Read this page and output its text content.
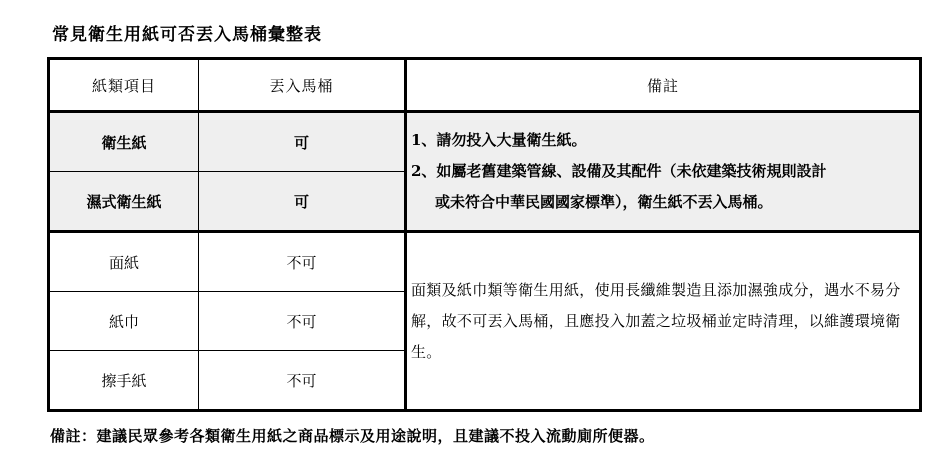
常見衛生用紙可否丟入馬桶彙整表
紙類項目	丟入馬桶	備註
衛生紙	可	1、請勿投入大量衛生紙。
2、如屬老舊建築管線、設備及其配件（未依建築技術規則設計
或未符合中華民國國家標準），衛生紙不丟入馬桶。

濕式衛生紙	可	
面紙	不可	面類及紙巾類等衛生用紙，使用長纖維製造且添加濕強成分，遇水不易分解，故不可丟入馬桶，且應投入加蓋之垃圾桶並定時清理，以維護環境衛生。

紙巾	不可	
擦手紙	不可	
備註：建議民眾參考各類衛生用紙之商品標示及用途說明，且建議不投入流動廁所便器。
